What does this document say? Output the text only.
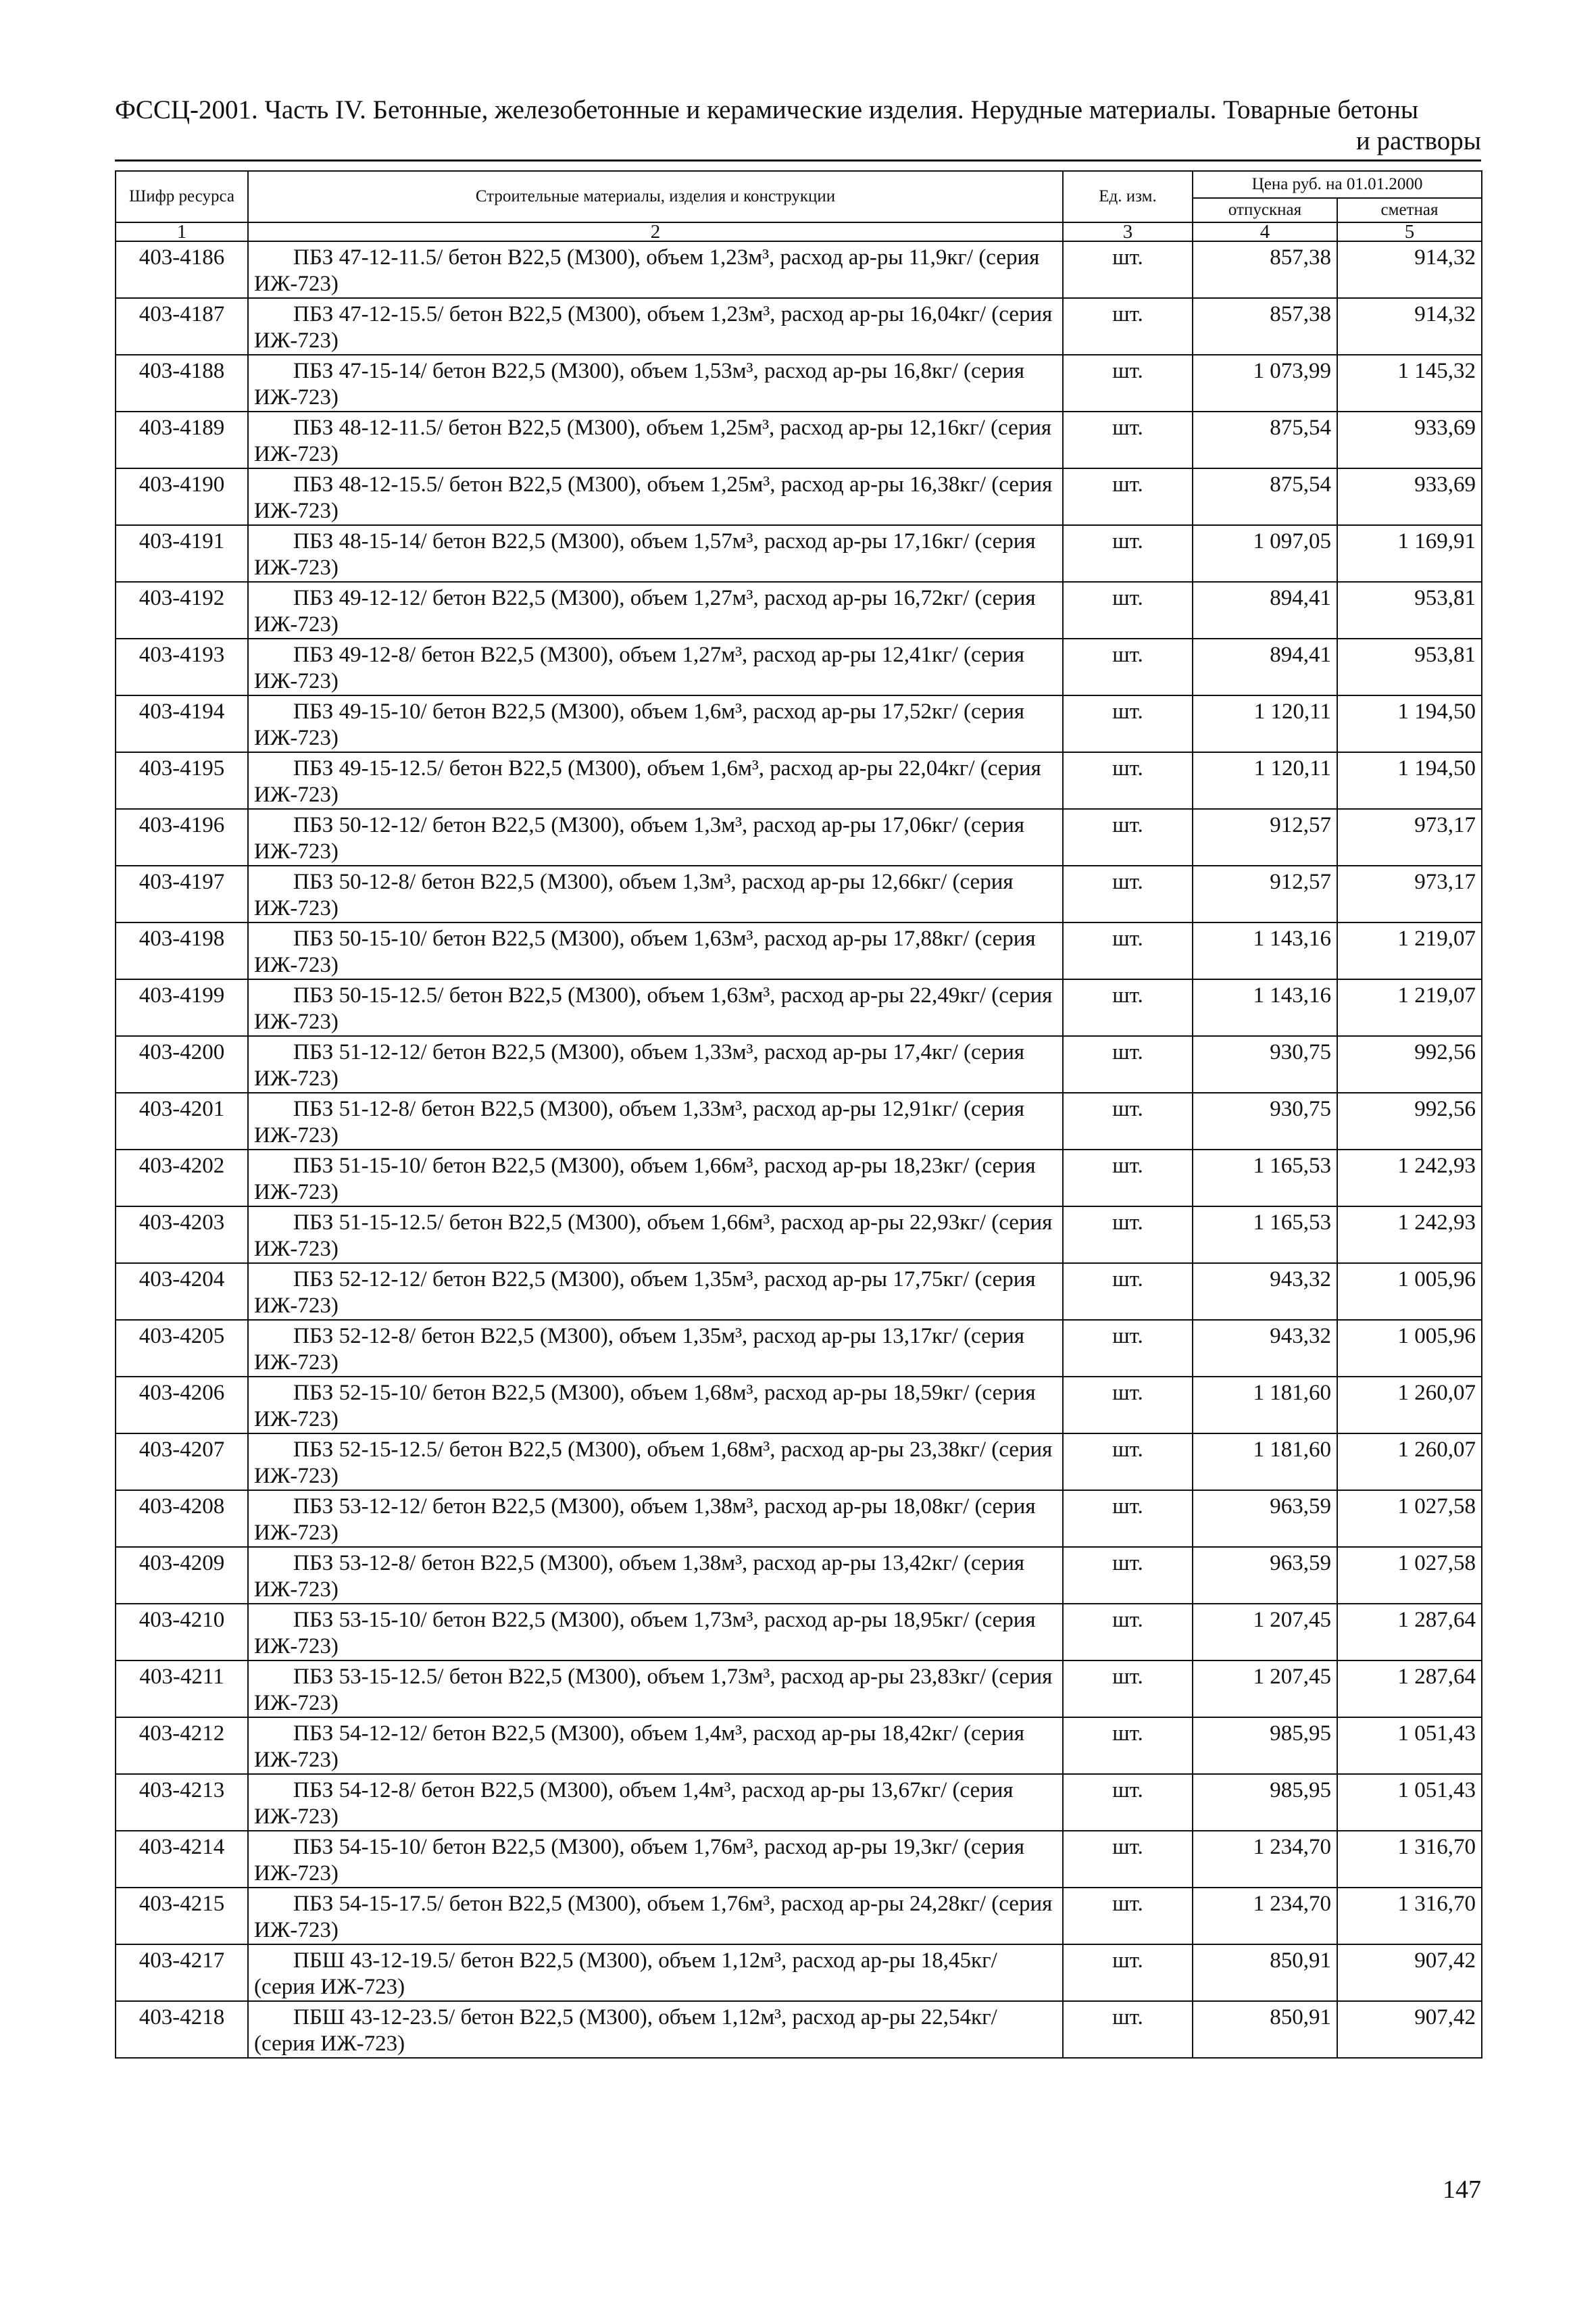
ФССЦ-2001. Часть IV. Бетонные, железобетонные и керамические изделия. Нерудные материалы. Товарные бетоны
и растворы
Шифр ресурса	Строительные материалы, изделия и конструкции	Ед. изм.	Цена руб. на 01.01.2000	
			отпускная	сметная
1	2	3	4	5
403-4186	ПБЗ 47-12-11.5/ бетон В22,5 (М300), объем 1,23м³, расход ар-ры 11,9кг/ (серия ИЖ-723)	шт.	857,38	914,32
403-4187	ПБЗ 47-12-15.5/ бетон В22,5 (М300), объем 1,23м³, расход ар-ры 16,04кг/ (серия ИЖ-723)	шт.	857,38	914,32
403-4188	ПБЗ 47-15-14/ бетон В22,5 (М300), объем 1,53м³, расход ар-ры 16,8кг/ (серия ИЖ-723)	шт.	1 073,99	1 145,32
403-4189	ПБЗ 48-12-11.5/ бетон В22,5 (М300), объем 1,25м³, расход ар-ры 12,16кг/ (серия ИЖ-723)	шт.	875,54	933,69
403-4190	ПБЗ 48-12-15.5/ бетон В22,5 (М300), объем 1,25м³, расход ар-ры 16,38кг/ (серия ИЖ-723)	шт.	875,54	933,69
403-4191	ПБЗ 48-15-14/ бетон В22,5 (М300), объем 1,57м³, расход ар-ры 17,16кг/ (серия ИЖ-723)	шт.	1 097,05	1 169,91
403-4192	ПБЗ 49-12-12/ бетон В22,5 (М300), объем 1,27м³, расход ар-ры 16,72кг/ (серия ИЖ-723)	шт.	894,41	953,81
403-4193	ПБЗ 49-12-8/ бетон В22,5 (М300), объем 1,27м³, расход ар-ры 12,41кг/ (серия ИЖ-723)	шт.	894,41	953,81
403-4194	ПБЗ 49-15-10/ бетон В22,5 (М300), объем 1,6м³, расход ар-ры 17,52кг/ (серия ИЖ-723)	шт.	1 120,11	1 194,50
403-4195	ПБЗ 49-15-12.5/ бетон В22,5 (М300), объем 1,6м³, расход ар-ры 22,04кг/ (серия ИЖ-723)	шт.	1 120,11	1 194,50
403-4196	ПБЗ 50-12-12/ бетон В22,5 (М300), объем 1,3м³, расход ар-ры 17,06кг/ (серия ИЖ-723)	шт.	912,57	973,17
403-4197	ПБЗ 50-12-8/ бетон В22,5 (М300), объем 1,3м³, расход ар-ры 12,66кг/ (серия ИЖ-723)	шт.	912,57	973,17
403-4198	ПБЗ 50-15-10/ бетон В22,5 (М300), объем 1,63м³, расход ар-ры 17,88кг/ (серия ИЖ-723)	шт.	1 143,16	1 219,07
403-4199	ПБЗ 50-15-12.5/ бетон В22,5 (М300), объем 1,63м³, расход ар-ры 22,49кг/ (серия ИЖ-723)	шт.	1 143,16	1 219,07
403-4200	ПБЗ 51-12-12/ бетон В22,5 (М300), объем 1,33м³, расход ар-ры 17,4кг/ (серия ИЖ-723)	шт.	930,75	992,56
403-4201	ПБЗ 51-12-8/ бетон В22,5 (М300), объем 1,33м³, расход ар-ры 12,91кг/ (серия ИЖ-723)	шт.	930,75	992,56
403-4202	ПБЗ 51-15-10/ бетон В22,5 (М300), объем 1,66м³, расход ар-ры 18,23кг/ (серия ИЖ-723)	шт.	1 165,53	1 242,93
403-4203	ПБЗ 51-15-12.5/ бетон В22,5 (М300), объем 1,66м³, расход ар-ры 22,93кг/ (серия ИЖ-723)	шт.	1 165,53	1 242,93
403-4204	ПБЗ 52-12-12/ бетон В22,5 (М300), объем 1,35м³, расход ар-ры 17,75кг/ (серия ИЖ-723)	шт.	943,32	1 005,96
403-4205	ПБЗ 52-12-8/ бетон В22,5 (М300), объем 1,35м³, расход ар-ры 13,17кг/ (серия ИЖ-723)	шт.	943,32	1 005,96
403-4206	ПБЗ 52-15-10/ бетон В22,5 (М300), объем 1,68м³, расход ар-ры 18,59кг/ (серия ИЖ-723)	шт.	1 181,60	1 260,07
403-4207	ПБЗ 52-15-12.5/ бетон В22,5 (М300), объем 1,68м³, расход ар-ры 23,38кг/ (серия ИЖ-723)	шт.	1 181,60	1 260,07
403-4208	ПБЗ 53-12-12/ бетон В22,5 (М300), объем 1,38м³, расход ар-ры 18,08кг/ (серия ИЖ-723)	шт.	963,59	1 027,58
403-4209	ПБЗ 53-12-8/ бетон В22,5 (М300), объем 1,38м³, расход ар-ры 13,42кг/ (серия ИЖ-723)	шт.	963,59	1 027,58
403-4210	ПБЗ 53-15-10/ бетон В22,5 (М300), объем 1,73м³, расход ар-ры 18,95кг/ (серия ИЖ-723)	шт.	1 207,45	1 287,64
403-4211	ПБЗ 53-15-12.5/ бетон В22,5 (М300), объем 1,73м³, расход ар-ры 23,83кг/ (серия ИЖ-723)	шт.	1 207,45	1 287,64
403-4212	ПБЗ 54-12-12/ бетон В22,5 (М300), объем 1,4м³, расход ар-ры 18,42кг/ (серия ИЖ-723)	шт.	985,95	1 051,43
403-4213	ПБЗ 54-12-8/ бетон В22,5 (М300), объем 1,4м³, расход ар-ры 13,67кг/ (серия ИЖ-723)	шт.	985,95	1 051,43
403-4214	ПБЗ 54-15-10/ бетон В22,5 (М300), объем 1,76м³, расход ар-ры 19,3кг/ (серия ИЖ-723)	шт.	1 234,70	1 316,70
403-4215	ПБЗ 54-15-17.5/ бетон В22,5 (М300), объем 1,76м³, расход ар-ры 24,28кг/ (серия ИЖ-723)	шт.	1 234,70	1 316,70
403-4217	ПБШ 43-12-19.5/ бетон В22,5 (М300), объем 1,12м³, расход ар-ры 18,45кг/ (серия ИЖ-723)	шт.	850,91	907,42
403-4218	ПБШ 43-12-23.5/ бетон В22,5 (М300), объем 1,12м³, расход ар-ры 22,54кг/ (серия ИЖ-723)	шт.	850,91	907,42
147
